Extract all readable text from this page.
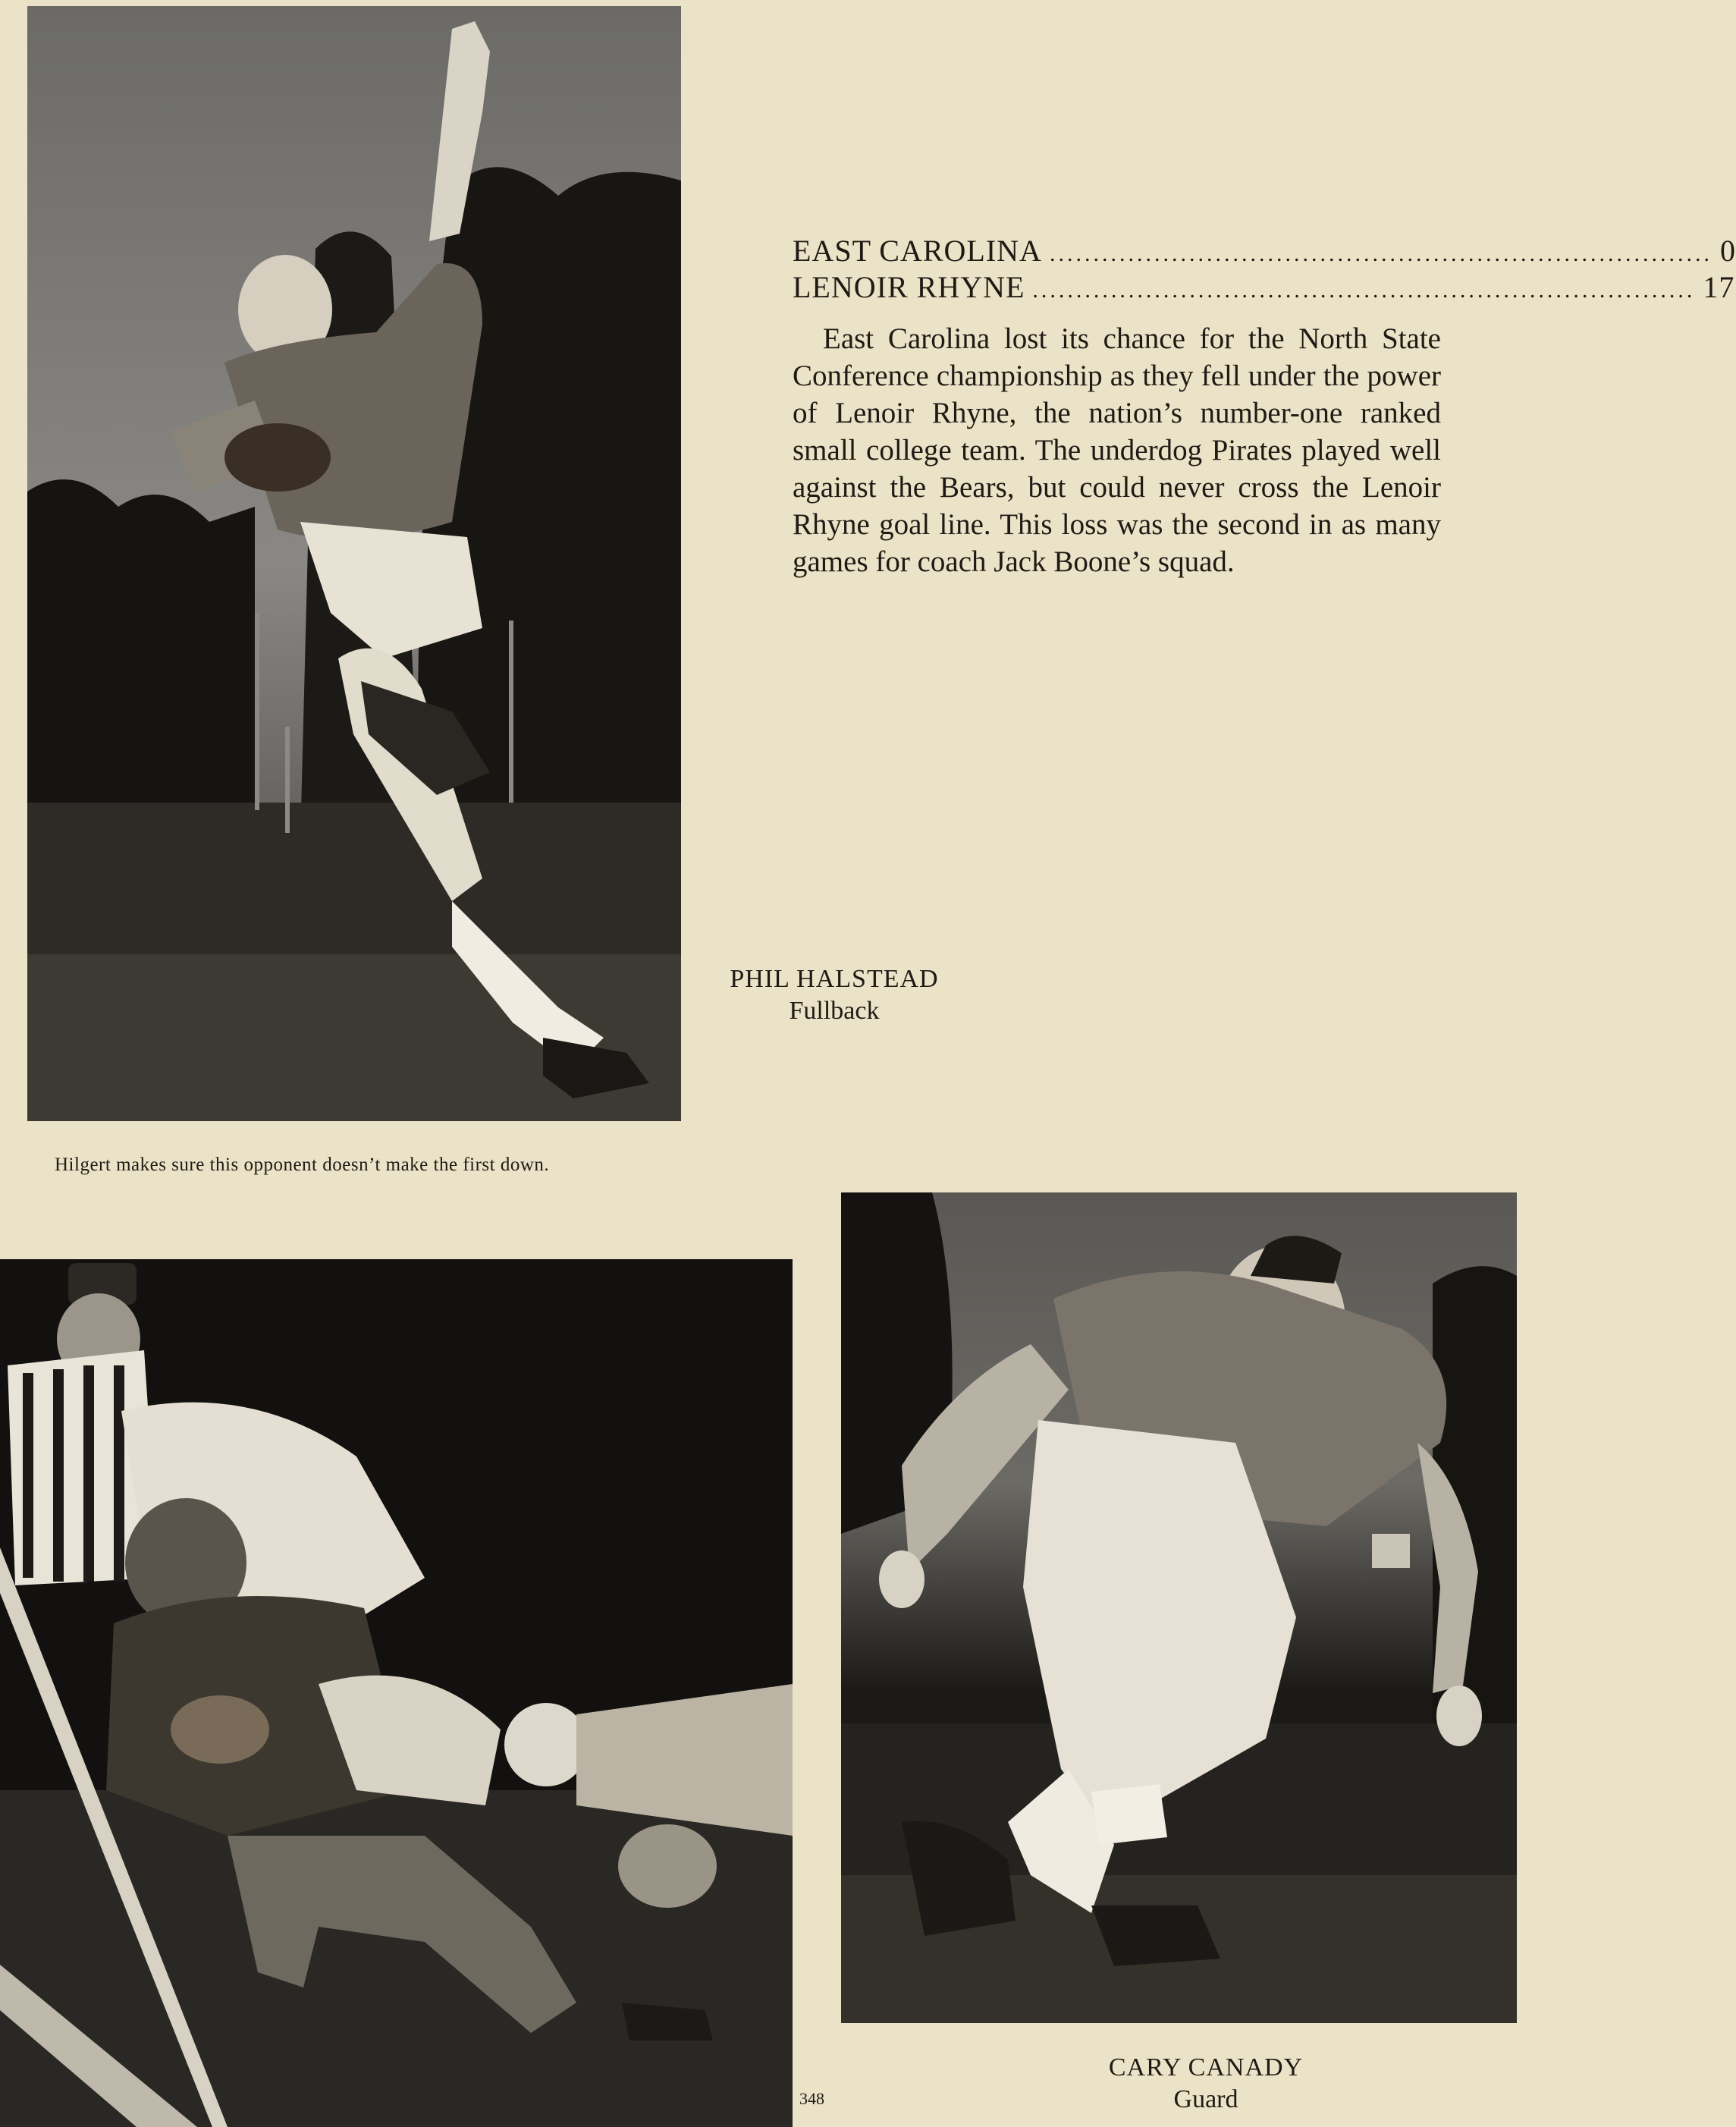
EAST CAROLINA ............................................................................ 0
LENOIR RHYNE ............................................................................ 17

East Carolina lost its chance for the North State Conference championship as they fell under the power of Lenoir Rhyne, the nation’s number-one ranked small college team. The underdog Pirates played well against the Bears, but could never cross the Lenoir Rhyne goal line. This loss was the second in as many games for coach Jack Boone’s squad.

PHIL HALSTEAD
Fullback

Hilgert makes sure this opponent doesn’t make the first down.

348
CARY CANADY
Guard
